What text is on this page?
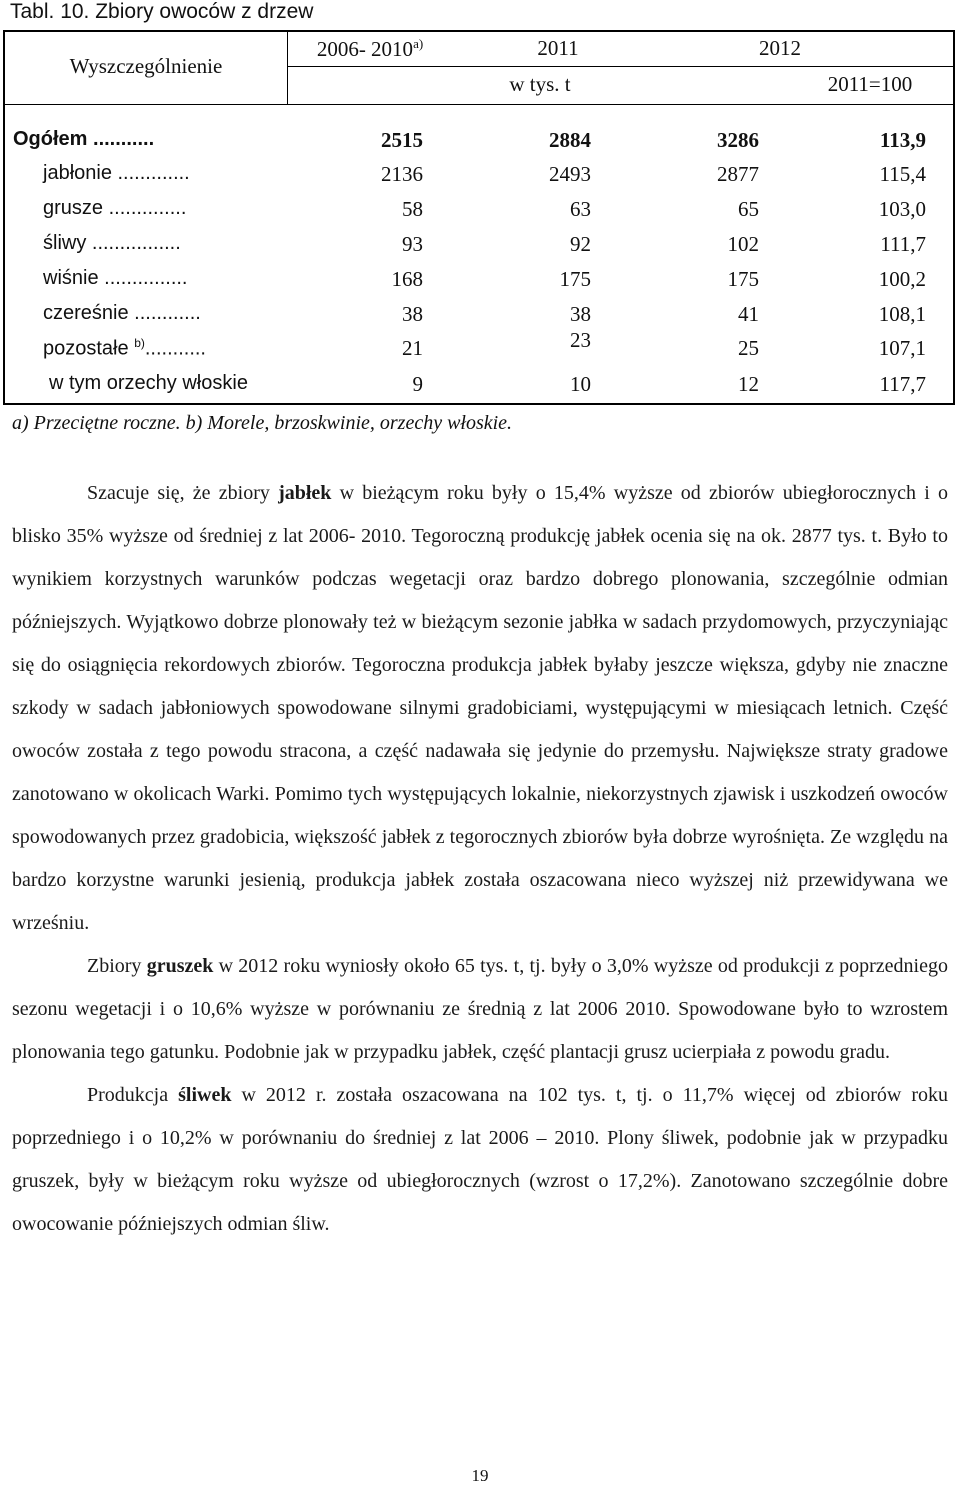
Tabl. 10. Zbiory owoców z drzew
Wyszczególnienie
2006- 2010$^{a)}$	2011	2012
w tys. t	2011=100
Ogółem ...........	2515	2884	3286	113,9
jabłonie .............	2136	2493	2877	115,4
grusze ..............	58	63	65	103,0
śliwy ................	93	92	102	111,7
wiśnie ...............	168	175	175	100,2
czereśnie ............	38	38	41	108,1
pozostałe $^{b)}$...........	21	23	25	107,1
w tym orzechy włoskie	9	10	12	117,7
a) Przeciętne roczne. b) Morele, brzoskwinie, orzechy włoskie.

Szacuje się, że zbiory jabłek w bieżącym roku były o 15,4% wyższe od zbiorów ubiegłorocznych i o blisko 35% wyższe od średniej z lat 2006- 2010. Tegoroczną produkcję jabłek ocenia się na ok. 2877 tys. t. Było to wynikiem korzystnych warunków podczas wegetacji oraz bardzo dobrego plonowania, szczególnie odmian późniejszych. Wyjątkowo dobrze plonowały też w bieżącym sezonie jabłka w sadach przydomowych, przyczyniając się do osiągnięcia rekordowych zbiorów. Tegoroczna produkcja jabłek byłaby jeszcze większa, gdyby nie znaczne szkody w sadach jabłoniowych spowodowane silnymi gradobiciami, występującymi w miesiącach letnich. Część owoców została z tego powodu stracona, a część nadawała się jedynie do przemysłu. Największe straty gradowe zanotowano w okolicach Warki. Pomimo tych występujących lokalnie, niekorzystnych zjawisk i uszkodzeń owoców spowodowanych przez gradobicia, większość jabłek z tegorocznych zbiorów była dobrze wyrośnięta. Ze względu na bardzo korzystne warunki jesienią, produkcja jabłek została oszacowana nieco wyższej niż przewidywana we wrześniu.

Zbiory gruszek w 2012 roku wyniosły około 65 tys. t, tj. były o 3,0% wyższe od produkcji z poprzedniego sezonu wegetacji i o 10,6% wyższe w porównaniu ze średnią z lat 2006 2010. Spowodowane było to wzrostem plonowania tego gatunku. Podobnie jak w przypadku jabłek, część plantacji grusz ucierpiała z powodu gradu.

Produkcja śliwek w 2012 r. została oszacowana na 102 tys. t, tj. o 11,7% więcej od zbiorów roku poprzedniego i o 10,2% w porównaniu do średniej z lat 2006 – 2010. Plony śliwek, podobnie jak w przypadku gruszek, były w bieżącym roku wyższe od ubiegłorocznych (wzrost o 17,2%). Zanotowano szczególnie dobre owocowanie późniejszych odmian śliw.

19
